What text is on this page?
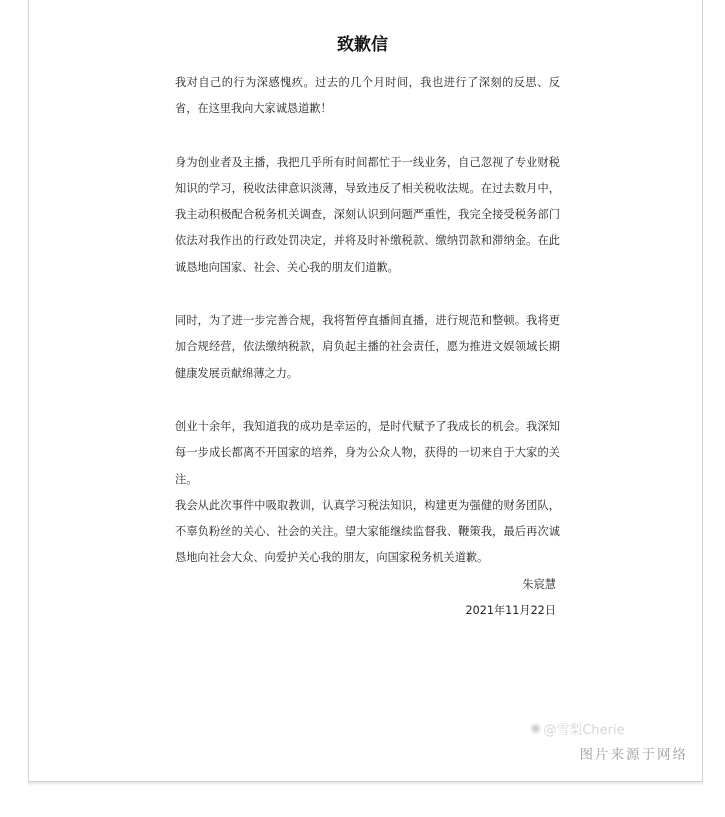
致歉信

我对自己的行为深感愧疚。过去的几个月时间，我也进行了深刻的反思、反省，在这里我向大家诚恳道歉！

身为创业者及主播，我把几乎所有时间都忙于一线业务，自己忽视了专业财税知识的学习，税收法律意识淡薄，导致违反了相关税收法规。在过去数月中，我主动积极配合税务机关调查，深刻认识到问题严重性，我完全接受税务部门依法对我作出的行政处罚决定，并将及时补缴税款、缴纳罚款和滞纳金。在此诚恳地向国家、社会、关心我的朋友们道歉。

同时，为了进一步完善合规，我将暂停直播间直播，进行规范和整顿。我将更加合规经营，依法缴纳税款，肩负起主播的社会责任，愿为推进文娱领域长期健康发展贡献绵薄之力。

创业十余年，我知道我的成功是幸运的，是时代赋予了我成长的机会。我深知每一步成长都离不开国家的培养，身为公众人物，获得的一切来自于大家的关注。

我会从此次事件中吸取教训，认真学习税法知识，构建更为强健的财务团队，不辜负粉丝的关心、社会的关注。望大家能继续监督我、鞭策我，最后再次诚恳地向社会大众、向爱护关心我的朋友，向国家税务机关道歉。

朱宸慧
2021年11月22日
◉ @雪梨Cherie
图片来源于网络
